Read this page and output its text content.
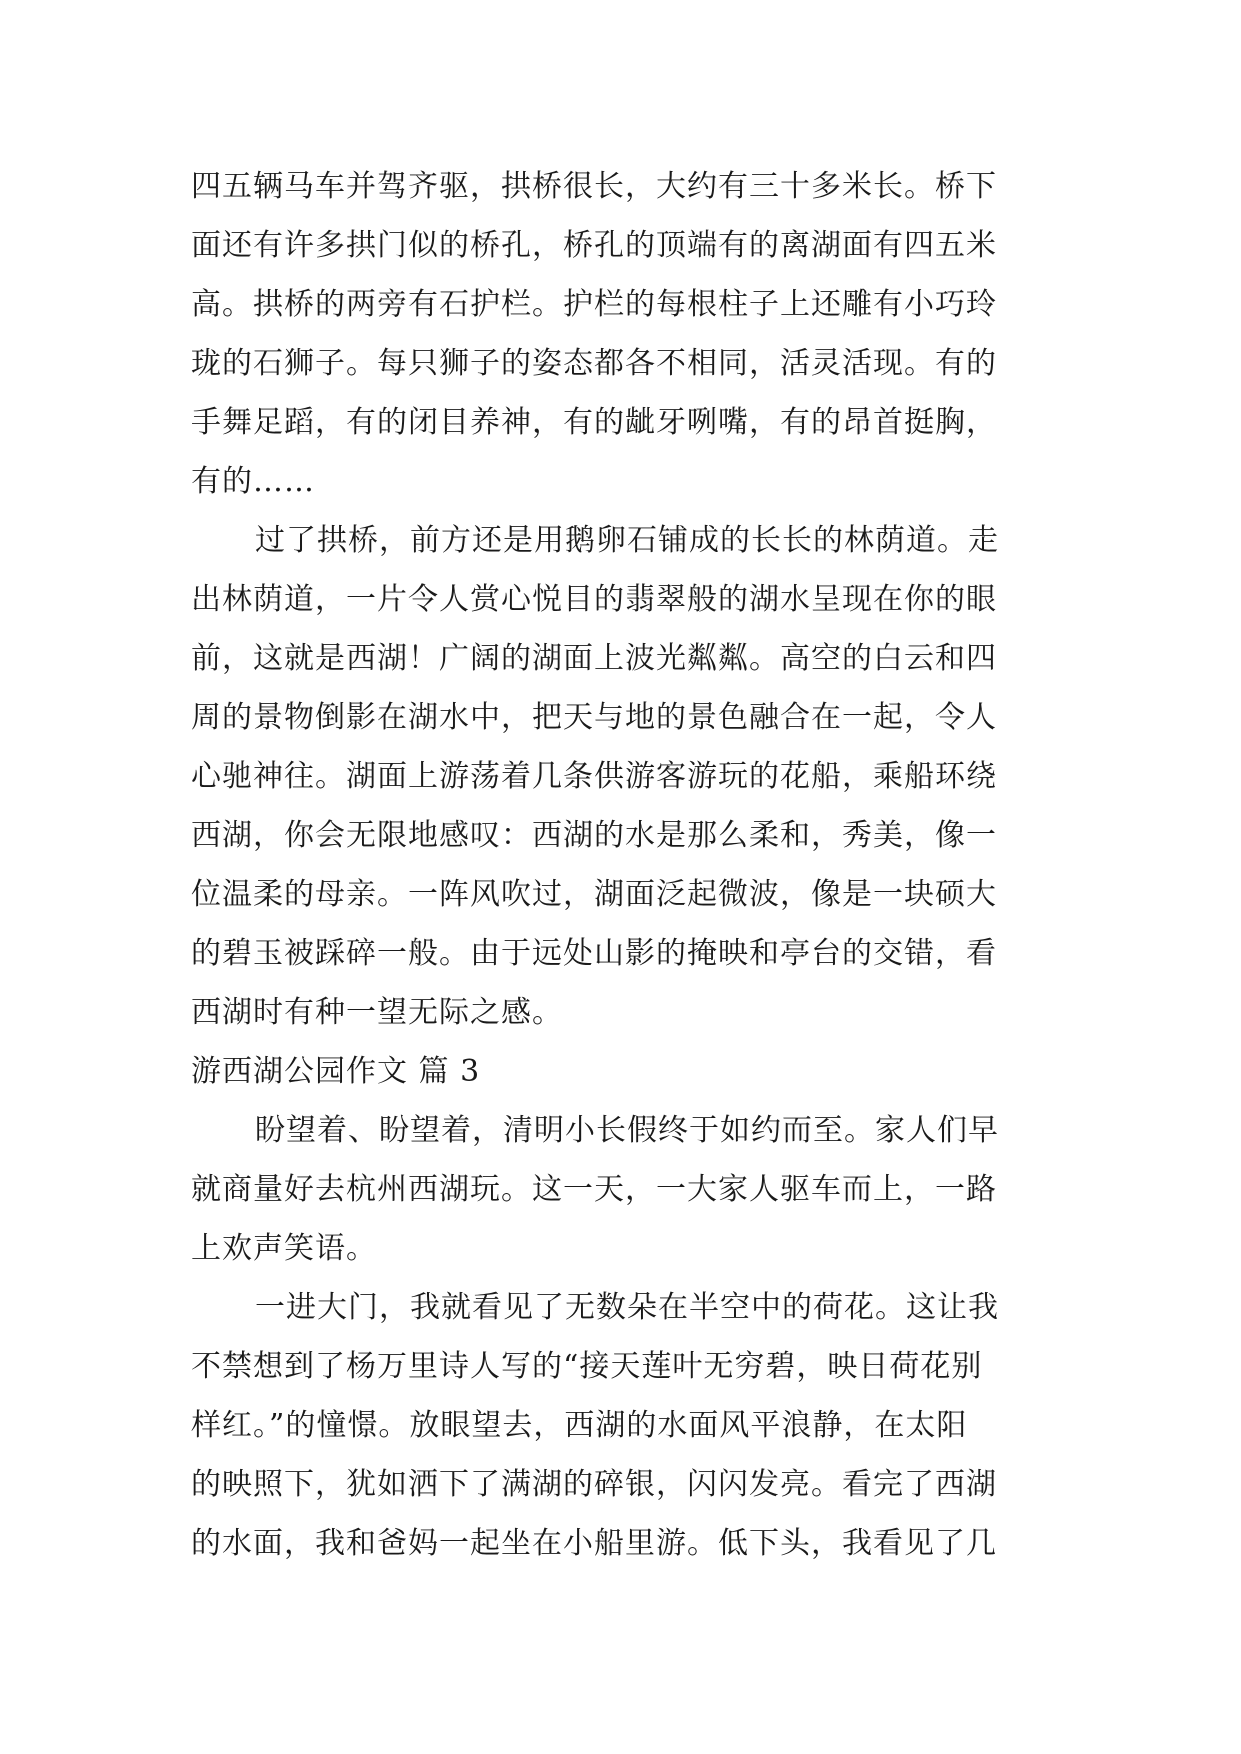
四五辆马车并驾齐驱，拱桥很长，大约有三十多米长。桥下
面还有许多拱门似的桥孔，桥孔的顶端有的离湖面有四五米
高。拱桥的两旁有石护栏。护栏的每根柱子上还雕有小巧玲
珑的石狮子。每只狮子的姿态都各不相同，活灵活现。有的
手舞足蹈，有的闭目养神，有的龇牙咧嘴，有的昂首挺胸，
有的……
过了拱桥，前方还是用鹅卵石铺成的长长的林荫道。走
出林荫道，一片令人赏心悦目的翡翠般的湖水呈现在你的眼
前，这就是西湖！广阔的湖面上波光粼粼。高空的白云和四
周的景物倒影在湖水中，把天与地的景色融合在一起，令人
心驰神往。湖面上游荡着几条供游客游玩的花船，乘船环绕
西湖，你会无限地感叹：西湖的水是那么柔和，秀美，像一
位温柔的母亲。一阵风吹过，湖面泛起微波，像是一块硕大
的碧玉被踩碎一般。由于远处山影的掩映和亭台的交错，看
西湖时有种一望无际之感。
游西湖公园作文 篇 3
盼望着、盼望着，清明小长假终于如约而至。家人们早
就商量好去杭州西湖玩。这一天，一大家人驱车而上，一路
上欢声笑语。
一进大门，我就看见了无数朵在半空中的荷花。这让我
不禁想到了杨万里诗人写的“接天莲叶无穷碧，映日荷花别
样红。”的憧憬。放眼望去，西湖的水面风平浪静，在太阳
的映照下，犹如洒下了满湖的碎银，闪闪发亮。看完了西湖
的水面，我和爸妈一起坐在小船里游。低下头，我看见了几
